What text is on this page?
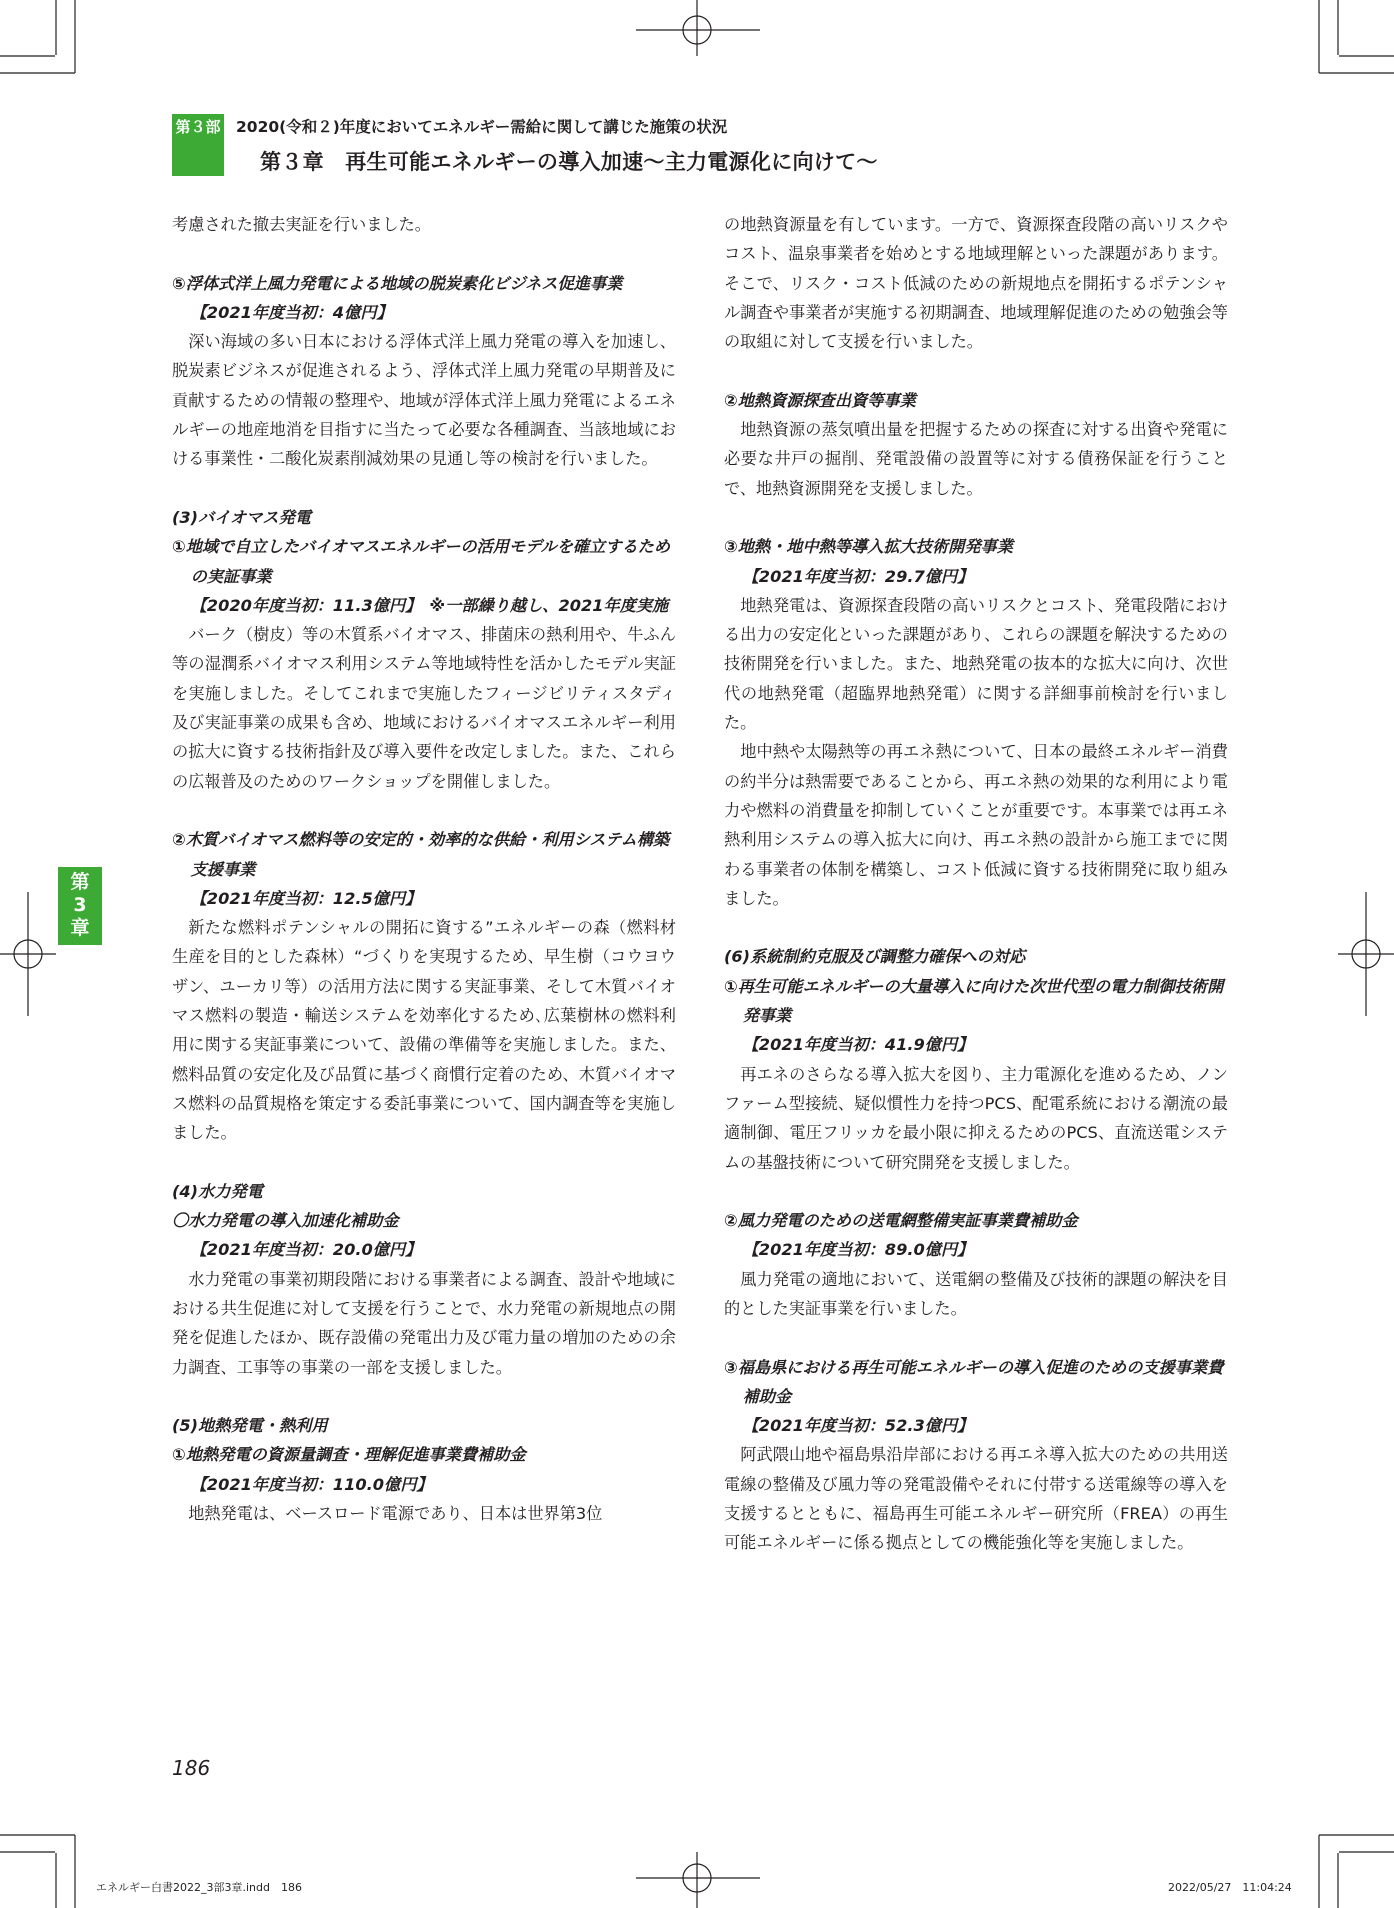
第３部 2020(令和２)年度においてエネルギー需給に関して講じた施策の状況
第３章　再生可能エネルギーの導入加速～主力電源化に向けて～
第
3
章

考慮された撤去実証を行いました。

⑤浮体式洋上風力発電による地域の脱炭素化ビジネス促進事業

【2021年度当初：4億円】

深い海域の多い日本における浮体式洋上風力発電の導入を加速し、脱炭素ビジネスが促進されるよう、浮体式洋上風力発電の早期普及に貢献するための情報の整理や、地域が浮体式洋上風力発電によるエネルギーの地産地消を目指すに当たって必要な各種調査、当該地域における事業性・二酸化炭素削減効果の見通し等の検討を行いました。

(3)バイオマス発電

①地域で自立したバイオマスエネルギーの活用モデルを確立するための実証事業

【2020年度当初：11.3億円】　※一部繰り越し、2021年度実施

バーク（樹皮）等の木質系バイオマス、排菌床の熱利用や、牛ふん等の湿潤系バイオマス利用システム等地域特性を活かしたモデル実証を実施しました。そしてこれまで実施したフィージビリティスタディ及び実証事業の成果も含め、地域におけるバイオマスエネルギー利用の拡大に資する技術指針及び導入要件を改定しました。また、これらの広報普及のためのワークショップを開催しました。

②木質バイオマス燃料等の安定的・効率的な供給・利用システム構築支援事業

【2021年度当初：12.5億円】

新たな燃料ポテンシャルの開拓に資する”エネルギーの森（燃料材生産を目的とした森林）“づくりを実現するため、早生樹（コウヨウザン、ユーカリ等）の活用方法に関する実証事業、そして木質バイオマス燃料の製造・輸送システムを効率化するため､広葉樹林の燃料利用に関する実証事業について、設備の準備等を実施しました。また、燃料品質の安定化及び品質に基づく商慣行定着のため、木質バイオマス燃料の品質規格を策定する委託事業について、国内調査等を実施しました。

(4)水力発電

〇水力発電の導入加速化補助金

【2021年度当初：20.0億円】

水力発電の事業初期段階における事業者による調査、設計や地域における共生促進に対して支援を行うことで、水力発電の新規地点の開発を促進したほか、既存設備の発電出力及び電力量の増加のための余力調査、工事等の事業の一部を支援しました。

(5)地熱発電・熱利用

①地熱発電の資源量調査・理解促進事業費補助金

【2021年度当初：110.0億円】

地熱発電は、ベースロード電源であり、日本は世界第3位

の地熱資源量を有しています。一方で、資源探査段階の高いリスクやコスト、温泉事業者を始めとする地域理解といった課題があります。そこで、リスク・コスト低減のための新規地点を開拓するポテンシャル調査や事業者が実施する初期調査、地域理解促進のための勉強会等の取組に対して支援を行いました。

②地熱資源探査出資等事業

地熱資源の蒸気噴出量を把握するための探査に対する出資や発電に必要な井戸の掘削、発電設備の設置等に対する債務保証を行うことで、地熱資源開発を支援しました。

③地熱・地中熱等導入拡大技術開発事業

【2021年度当初：29.7億円】

地熱発電は、資源探査段階の高いリスクとコスト、発電段階における出力の安定化といった課題があり、これらの課題を解決するための技術開発を行いました。また、地熱発電の抜本的な拡大に向け、次世代の地熱発電（超臨界地熱発電）に関する詳細事前検討を行いました。

地中熱や太陽熱等の再エネ熱について、日本の最終エネルギー消費の約半分は熱需要であることから、再エネ熱の効果的な利用により電力や燃料の消費量を抑制していくことが重要です。本事業では再エネ熱利用システムの導入拡大に向け、再エネ熱の設計から施工までに関わる事業者の体制を構築し、コスト低減に資する技術開発に取り組みました。

(6)系統制約克服及び調整力確保への対応

①再生可能エネルギーの大量導入に向けた次世代型の電力制御技術開発事業

【2021年度当初：41.9億円】

再エネのさらなる導入拡大を図り、主力電源化を進めるため、ノンファーム型接続、疑似慣性力を持つPCS、配電系統における潮流の最適制御、電圧フリッカを最小限に抑えるためのPCS、直流送電システムの基盤技術について研究開発を支援しました。

②風力発電のための送電網整備実証事業費補助金

【2021年度当初：89.0億円】

風力発電の適地において、送電網の整備及び技術的課題の解決を目的とした実証事業を行いました。

③福島県における再生可能エネルギーの導入促進のための支援事業費補助金

【2021年度当初：52.3億円】

阿武隈山地や福島県沿岸部における再エネ導入拡大のための共用送電線の整備及び風力等の発電設備やそれに付帯する送電線等の導入を支援するとともに、福島再生可能エネルギー研究所（FREA）の再生可能エネルギーに係る拠点としての機能強化等を実施しました。

186
エネルギー白書2022_3部3章.indd　186	2022/05/27　11:04:24
